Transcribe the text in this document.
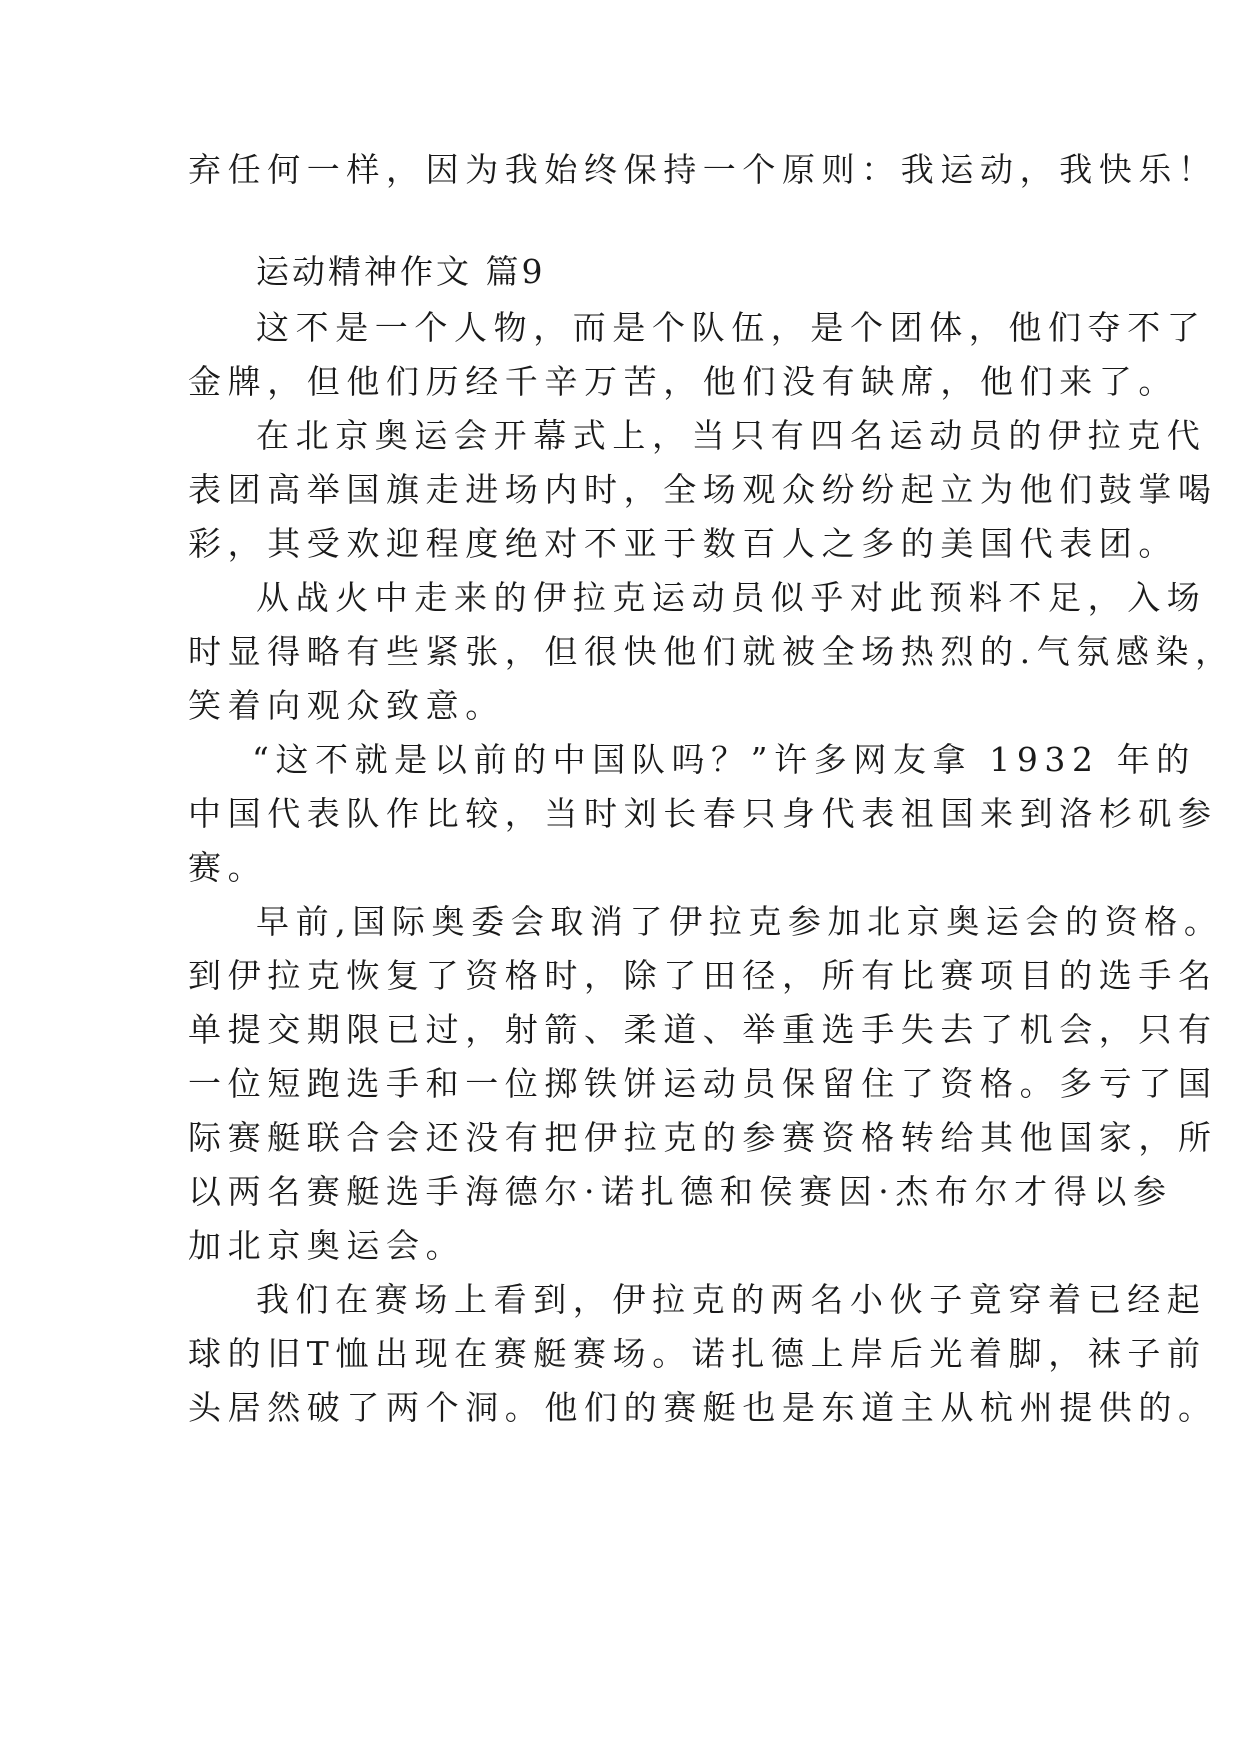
弃任何一样，因为我始终保持一个原则：我运动，我快乐！
运动精神作文 篇9
这不是一个人物，而是个队伍，是个团体，他们夺不了
金牌，但他们历经千辛万苦，他们没有缺席，他们来了。
在北京奥运会开幕式上，当只有四名运动员的伊拉克代
表团高举国旗走进场内时，全场观众纷纷起立为他们鼓掌喝
彩，其受欢迎程度绝对不亚于数百人之多的美国代表团。
从战火中走来的伊拉克运动员似乎对此预料不足，入场
时显得略有些紧张，但很快他们就被全场热烈的.气氛感染，
笑着向观众致意。
“这不就是以前的中国队吗？”许多网友拿 1932 年的
中国代表队作比较，当时刘长春只身代表祖国来到洛杉矶参
赛。
早前,国际奥委会取消了伊拉克参加北京奥运会的资格。
到伊拉克恢复了资格时，除了田径，所有比赛项目的选手名
单提交期限已过，射箭、柔道、举重选手失去了机会，只有
一位短跑选手和一位掷铁饼运动员保留住了资格。多亏了国
际赛艇联合会还没有把伊拉克的参赛资格转给其他国家，所
以两名赛艇选手海德尔·诺扎德和侯赛因·杰布尔才得以参
加北京奥运会。
我们在赛场上看到，伊拉克的两名小伙子竟穿着已经起
球的旧T恤出现在赛艇赛场。诺扎德上岸后光着脚，袜子前
头居然破了两个洞。他们的赛艇也是东道主从杭州提供的。
